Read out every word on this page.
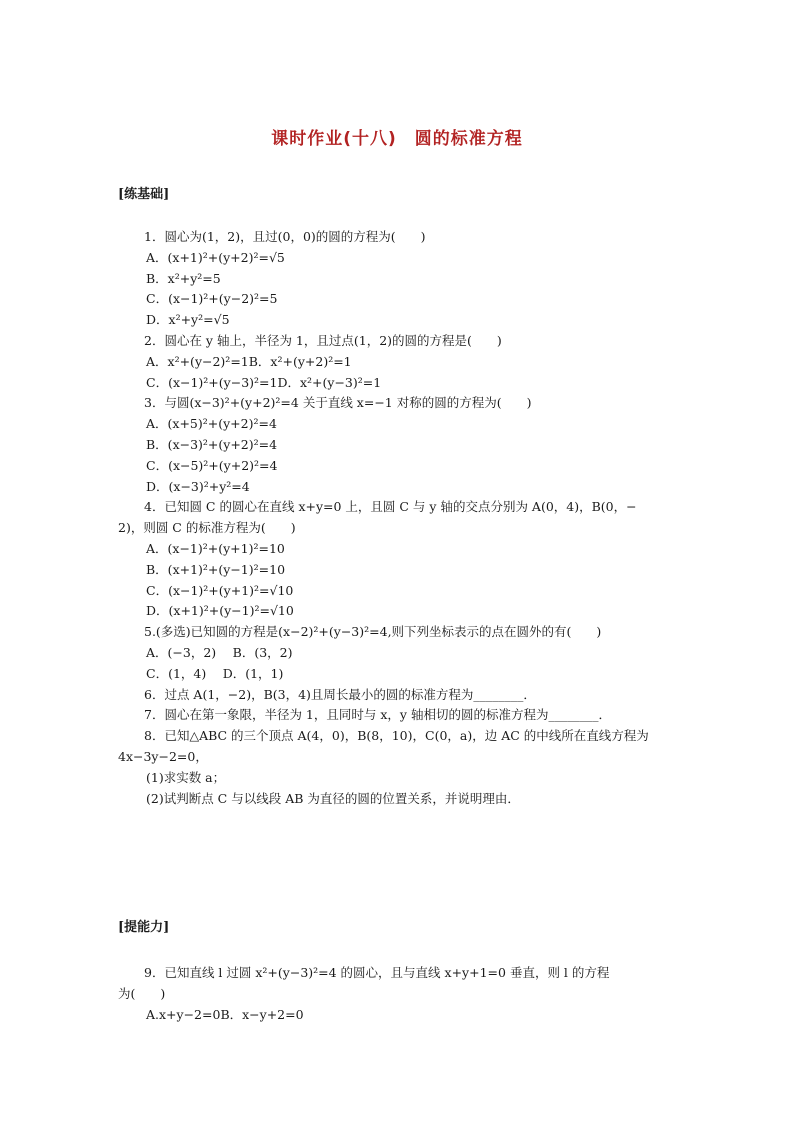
课时作业(十八)　圆的标准方程
[练基础]
1．圆心为(1，2)，且过(0，0)的圆的方程为(　　)
A．(x+1)²+(y+2)²=√5
B．x²+y²=5
C．(x−1)²+(y−2)²=5
D．x²+y²=√5
2．圆心在 y 轴上，半径为 1，且过点(1，2)的圆的方程是(　　)
A．x²+(y−2)²=1B．x²+(y+2)²=1
C．(x−1)²+(y−3)²=1D．x²+(y−3)²=1
3．与圆(x−3)²+(y+2)²=4 关于直线 x=−1 对称的圆的方程为(　　)
A．(x+5)²+(y+2)²=4
B．(x−3)²+(y+2)²=4
C．(x−5)²+(y+2)²=4
D．(x−3)²+y²=4
4．已知圆 C 的圆心在直线 x+y=0 上，且圆 C 与 y 轴的交点分别为 A(0，4)，B(0，−
2)，则圆 C 的标准方程为(　　)
A．(x−1)²+(y+1)²=10
B．(x+1)²+(y−1)²=10
C．(x−1)²+(y+1)²=√10
D．(x+1)²+(y−1)²=√10
5.(多选)已知圆的方程是(x−2)²+(y−3)²=4,则下列坐标表示的点在圆外的有(　　)
A．(−3，2)　 B．(3，2)
C．(1，4)　 D．(1，1)
6．过点 A(1，−2)，B(3，4)且周长最小的圆的标准方程为________．
7．圆心在第一象限，半径为 1，且同时与 x，y 轴相切的圆的标准方程为________．
8．已知△ABC 的三个顶点 A(4，0)，B(8，10)，C(0，a)，边 AC 的中线所在直线方程为
4x−3y−2=0，
(1)求实数 a；
(2)试判断点 C 与以线段 AB 为直径的圆的位置关系，并说明理由．
[提能力]
9．已知直线 l 过圆 x²+(y−3)²=4 的圆心，且与直线 x+y+1=0 垂直，则 l 的方程
为(　　)
A.x+y−2=0B．x−y+2=0
